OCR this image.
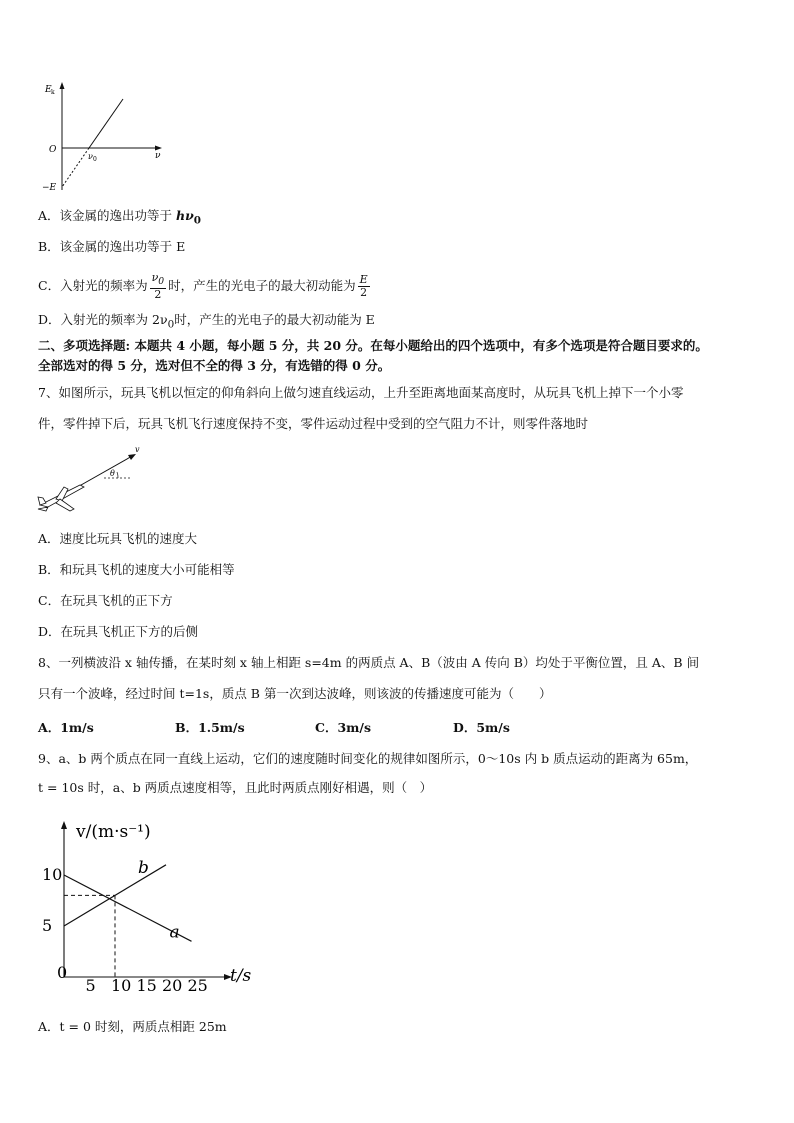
E k
O
ν
ν 0
−E
A．该金属的逸出功等于 $h\nu_0$
B．该金属的逸出功等于 E
C．入射光的频率为 $\frac{\nu_0}{2}$ 时，产生的光电子的最大初动能为 $\frac{E}{2}$
D．入射光的频率为 $2\nu_0$时，产生的光电子的最大初动能为 E
二、多项选择题: 本题共 4 小题，每小题 5 分，共 20 分。在每小题给出的四个选项中，有多个选项是符合题目要求的。
全部选对的得 5 分，选对但不全的得 3 分，有选错的得 0 分。
7、如图所示，玩具飞机以恒定的仰角斜向上做匀速直线运动，上升至距离地面某高度时，从玩具飞机上掉下一个小零
件，零件掉下后，玩具飞机飞行速度保持不变，零件运动过程中受到的空气阻力不计，则零件落地时
v
θ
A．速度比玩具飞机的速度大
B．和玩具飞机的速度大小可能相等
C．在玩具飞机的正下方
D．在玩具飞机正下方的后侧
8、一列横波沿 x 轴传播，在某时刻 x 轴上相距 s=4m 的两质点 A、B（波由 A 传向 B）均处于平衡位置，且 A、B 间
只有一个波峰，经过时间 t=1s，质点 B 第一次到达波峰，则该波的传播速度可能为（　　）
A．1m/s	B．1.5m/s	C．3m/s	D．5m/s
9、a、b 两个质点在同一直线上运动，它们的速度随时间变化的规律如图所示，0～10s 内 b 质点运动的距离为 65m，
t = 10s 时，a、b 两质点速度相等，且此时两质点刚好相遇，则（　）
v/(m·s⁻¹)
t/s
0
5 10 15 20 25
5
10
a
b
A．t = 0 时刻，两质点相距 25m
